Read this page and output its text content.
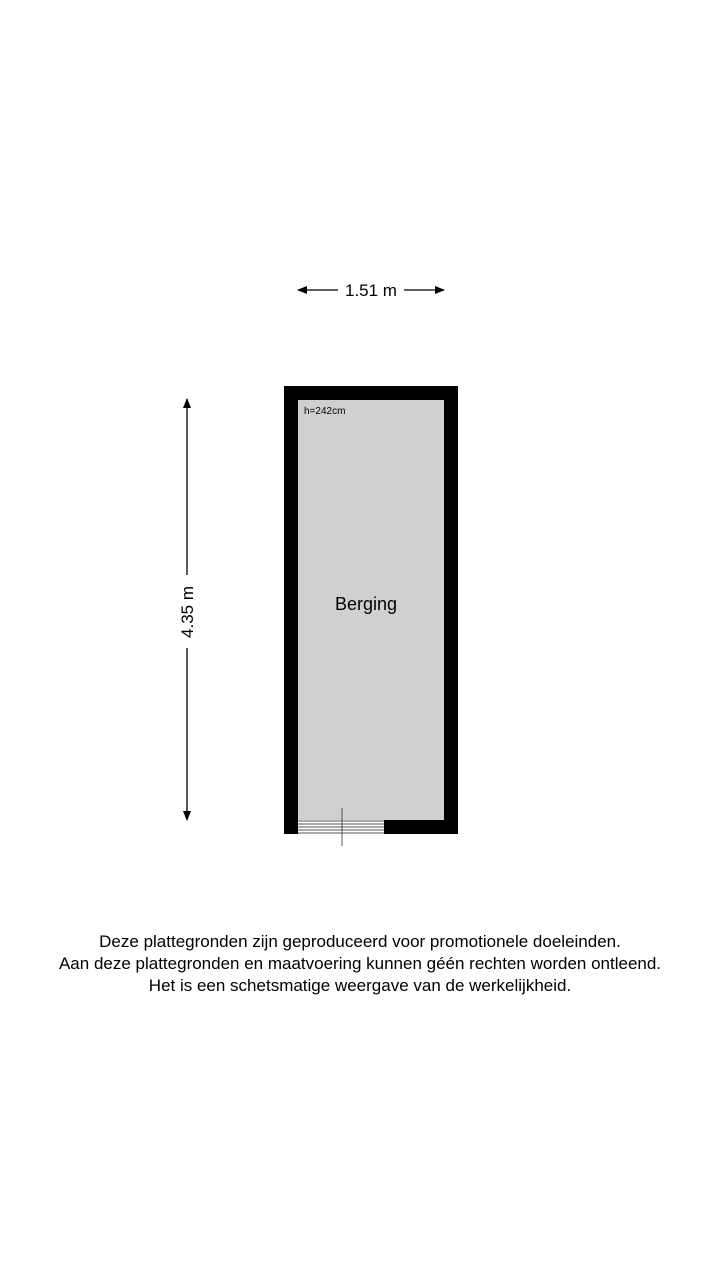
1.51 m
4.35 m
h=242cm
Berging
Deze plattegronden zijn geproduceerd voor promotionele doeleinden.
Aan deze plattegronden en maatvoering kunnen géén rechten worden ontleend.
Het is een schetsmatige weergave van de werkelijkheid.
